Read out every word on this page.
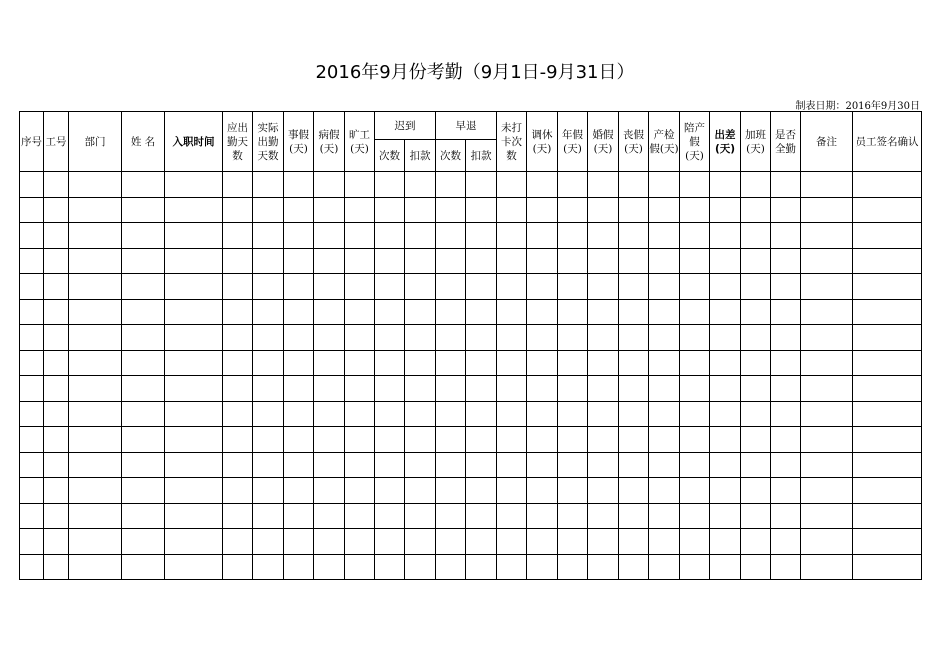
2016年9月份考勤（9月1日-9月31日）
制表日期：2016年9月30日
序号	工号	部门	姓 名	入职时间	应出勤天数	实际出勤天数	事假(天)	病假(天)	旷工(天)	迟到		早退		未打卡次数	调休(天)	年假(天)	婚假(天)	丧假(天)	产检假(天)	陪产假(天)	出差(天)	加班(天)	是否全勤	备注	员工签名确认
										次数	扣款	次数	扣款												
